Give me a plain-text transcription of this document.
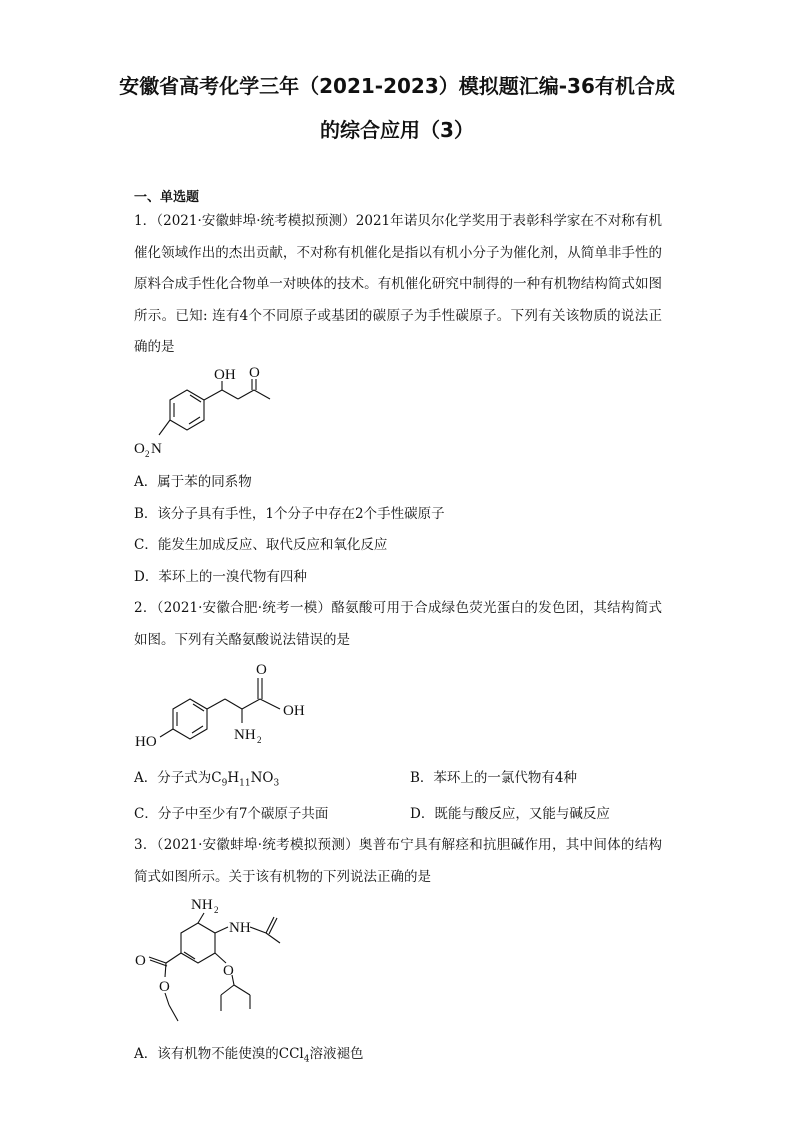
安徽省高考化学三年（2021-2023）模拟题汇编-36有机合成
的综合应用（3）
一、单选题
1．（2021·安徽蚌埠·统考模拟预测）2021年诺贝尔化学奖用于表彰科学家在不对称有机催化领域作出的杰出贡献，不对称有机催化是指以有机小分子为催化剂，从简单非手性的原料合成手性化合物单一对映体的技术。有机催化研究中制得的一种有机物结构简式如图所示。已知: 连有4个不同原子或基团的碳原子为手性碳原子。下列有关该物质的说法正确的是
OH O
O 2 N
A．属于苯的同系物
B．该分子具有手性，1个分子中存在2个手性碳原子
C．能发生加成反应、取代反应和氧化反应
D．苯环上的一溴代物有四种
2．（2021·安徽合肥·统考一模）酪氨酸可用于合成绿色荧光蛋白的发色团，其结构简式如图。下列有关酪氨酸说法错误的是
O
OH
NH 2
HO
A．分子式为$C_9H_{11}NO_3$	B．苯环上的一氯代物有4种
C．分子中至少有7个碳原子共面	D．既能与酸反应，又能与碱反应
3．（2021·安徽蚌埠·统考模拟预测）奥普布宁具有解痉和抗胆碱作用，其中间体的结构简式如图所示。关于该有机物的下列说法正确的是
NH 2
NH
O
O
O
A．该有机物不能使溴的CCl$_4$溶液褪色
